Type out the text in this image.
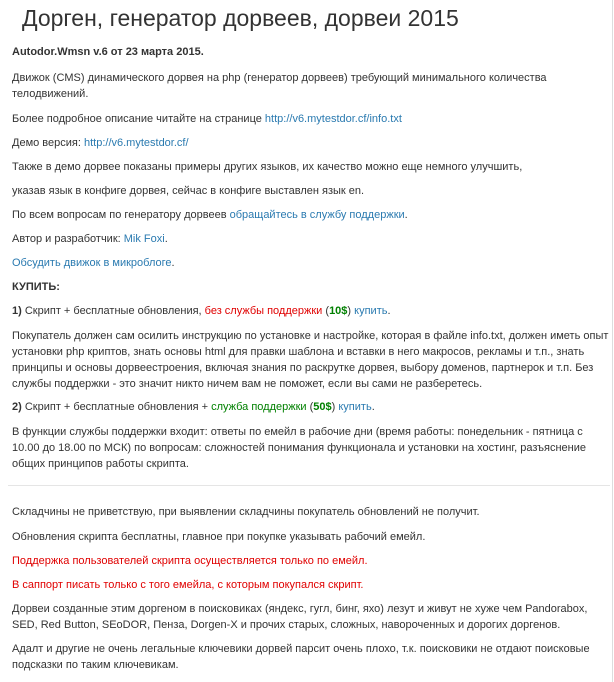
Дорген, генератор дорвеев, дорвеи 2015
Autodor.Wmsn v.6 от 23 марта 2015.
Движок (CMS) динамического дорвея на php (генератор дорвеев) требующий минимального количества телодвижений.
Более подробное описание читайте на странице http://v6.mytestdor.cf/info.txt
Демо версия: http://v6.mytestdor.cf/
Также в демо дорвее показаны примеры других языков, их качество можно еще немного улучшить,
указав язык в конфиге дорвея, сейчас в конфиге выставлен язык en.
По всем вопросам по генератору дорвеев обращайтесь в службу поддержки.
Автор и разработчик: Mik Foxi.
Обсудить движок в микроблоге.
КУПИТЬ:
1) Скрипт + бесплатные обновления, без службы поддержки (10$) купить.
Покупатель должен сам осилить инструкцию по установке и настройке, которая в файле info.txt, должен иметь опыт установки php криптов, знать основы html для правки шаблона и вставки в него макросов, рекламы и т.п., знать принципы и основы дорвеестроения, включая знания по раскрутке дорвея, выбору доменов, партнерок и т.п. Без службы поддержки - это значит никто ничем вам не поможет, если вы сами не разберетесь.
2) Скрипт + бесплатные обновления + служба поддержки (50$) купить.
В функции службы поддержки входит: ответы по емейл в рабочие дни (время работы: понедельник - пятница с 10.00 до 18.00 по МСК) по вопросам: сложностей понимания функционала и установки на хостинг, разъяснение общих принципов работы скрипта.
Складчины не приветствую, при выявлении складчины покупатель обновлений не получит.
Обновления скрипта бесплатны, главное при покупке указывать рабочий емейл.
Поддержка пользователей скрипта осуществляется только по емейл.
В саппорт писать только с того емейла, с которым покупался скрипт.
Дорвеи созданные этим доргеном в поисковиках (яндекс, гугл, бинг, яхо) лезут и живут не хуже чем Pandorabox, SED, Red Button, SEoDOR, Пенза, Dorgen-X и прочих старых, сложных, навороченных и дорогих доргенов.
Адалт и другие не очень легальные ключевики дорвей парсит очень плохо, т.к. поисковики не отдают поисковые подсказки по таким ключевикам.
